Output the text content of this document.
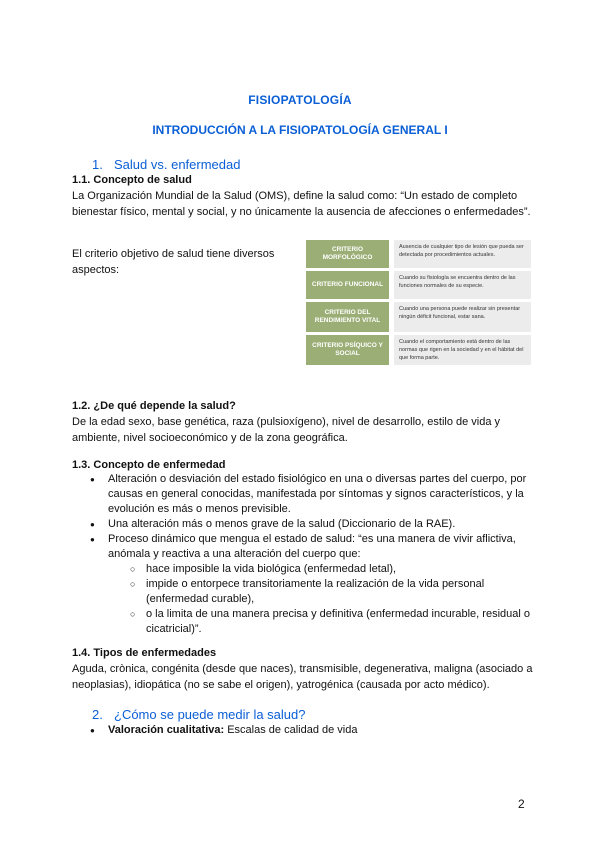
FISIOPATOLOGÍA
INTRODUCCIÓN A LA FISIOPATOLOGÍA GENERAL I
1. Salud vs. enfermedad
1.1. Concepto de salud
La Organización Mundial de la Salud (OMS), define la salud como: “Un estado de completo bienestar físico, mental y social, y no únicamente la ausencia de afecciones o enfermedades”.
El criterio objetivo de salud tiene diversos aspectos:
CRITERIO MORFOLÓGICO
Ausencia de cualquier tipo de lesión que pueda ser detectada por procedimientos actuales.
CRITERIO FUNCIONAL
Cuando su fisiología se encuentra dentro de las funciones normales de su especie.
CRITERIO DEL RENDIMIENTO VITAL
Cuando una persona puede realizar sin presentar ningún déficit funcional, estar sana.
CRITERIO PSÍQUICO Y SOCIAL
Cuando el comportamiento está dentro de las normas que rigen en la sociedad y en el hábitat del que forma parte.
1.2. ¿De qué depende la salud?
De la edad sexo, base genética, raza (pulsioxígeno), nivel de desarrollo, estilo de vida y ambiente, nivel socioeconómico y de la zona geográfica.
1.3. Concepto de enfermedad
● Alteración o desviación del estado fisiológico en una o diversas partes del cuerpo, por causas en general conocidas, manifestada por síntomas y signos característicos, y la evolución es más o menos previsible.
● Una alteración más o menos grave de la salud (Diccionario de la RAE).
● Proceso dinámico que mengua el estado de salud: “es una manera de vivir aflictiva, anómala y reactiva a una alteración del cuerpo que:
○ hace imposible la vida biológica (enfermedad letal),
○ impide o entorpece transitoriamente la realización de la vida personal (enfermedad curable),
○ o la limita de una manera precisa y definitiva (enfermedad incurable, residual o cicatricial)”.
1.4. Tipos de enfermedades
Aguda, crònica, congénita (desde que naces), transmisible, degenerativa, maligna (asociado a neoplasias), idiopática (no se sabe el origen), yatrogénica (causada por acto médico).
2. ¿Cómo se puede medir la salud?
● Valoración cualitativa: Escalas de calidad de vida
2
